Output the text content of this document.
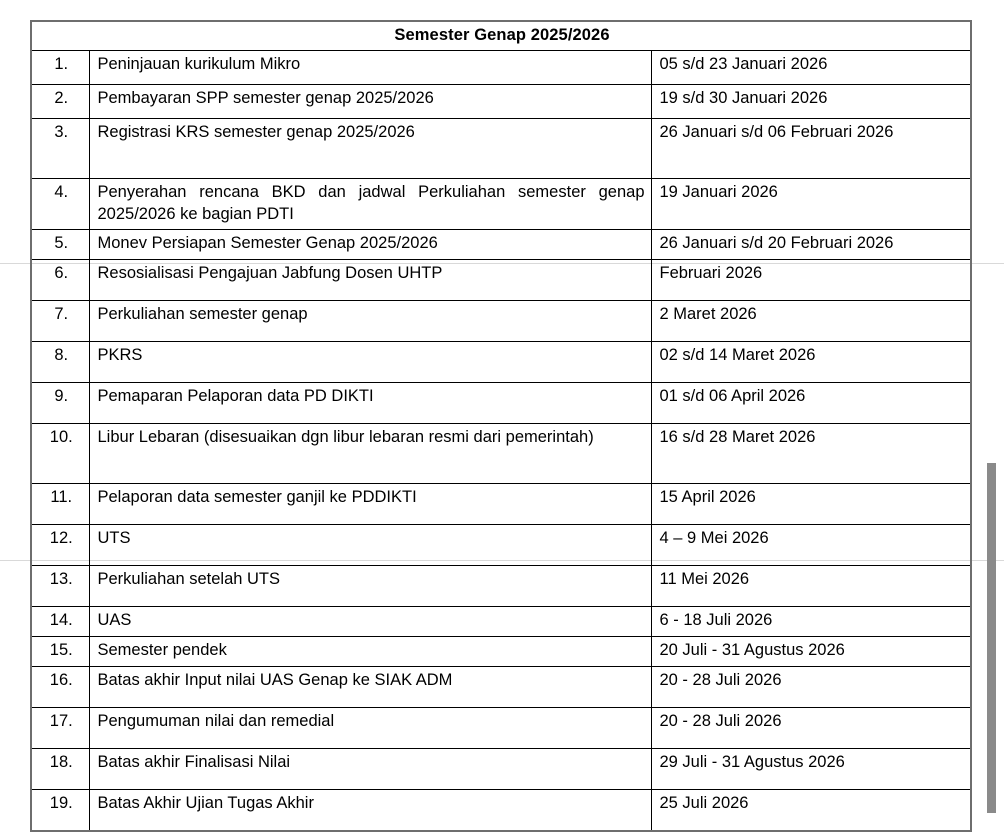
Semester Genap 2025/2026		
1.	Peninjauan kurikulum Mikro	05 s/d 23 Januari 2026
2.	Pembayaran SPP semester genap 2025/2026	19 s/d 30 Januari 2026
3.	Registrasi KRS semester genap 2025/2026	26 Januari s/d 06 Februari 2026
4.	Penyerahan rencana BKD dan jadwal Perkuliahan semester genap 2025/2026 ke bagian PDTI	19 Januari 2026
5.	Monev Persiapan Semester Genap 2025/2026	26 Januari s/d 20 Februari 2026
6.	Resosialisasi Pengajuan Jabfung Dosen UHTP	Februari 2026
7.	Perkuliahan semester genap	2 Maret 2026
8.	PKRS	02 s/d 14 Maret 2026
9.	Pemaparan Pelaporan data PD DIKTI	01 s/d 06 April 2026
10.	Libur Lebaran (disesuaikan dgn libur lebaran resmi dari pemerintah)	16 s/d 28 Maret 2026
11.	Pelaporan data semester ganjil ke PDDIKTI	15 April 2026
12.	UTS	4 – 9 Mei 2026
13.	Perkuliahan setelah UTS	11 Mei 2026
14.	UAS	6 - 18 Juli 2026
15.	Semester pendek	20 Juli - 31 Agustus 2026
16.	Batas akhir Input nilai UAS Genap ke SIAK ADM	20 - 28 Juli 2026
17.	Pengumuman nilai dan remedial	20 - 28 Juli 2026
18.	Batas akhir Finalisasi Nilai	29 Juli - 31 Agustus 2026
19.	Batas Akhir Ujian Tugas Akhir	25 Juli 2026
